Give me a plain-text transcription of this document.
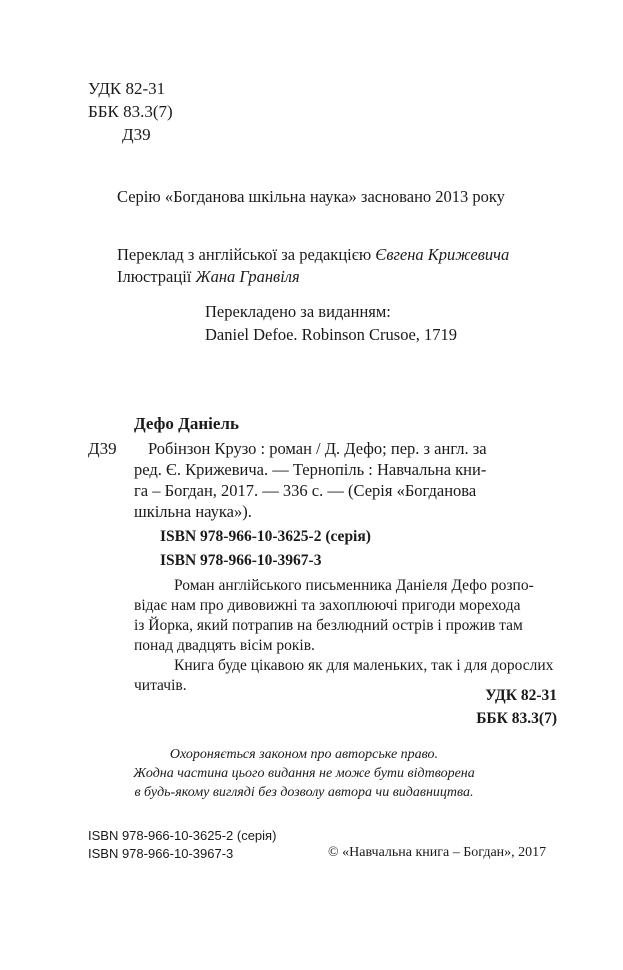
УДК 82-31
ББК 83.3(7)
Д39
Серію «Богданова шкільна наука» засновано 2013 року
Переклад з англійської за редакцією Євгена Крижевича
Ілюстрації Жана Гранвіля
Перекладено за виданням:
Daniel Defoe. Robinson Crusoe, 1719
Дефо Даніель
Д39 Робінзон Крузо : роман / Д. Дефо; пер. з англ. за
ред. Є. Крижевича. — Тернопіль : Навчальна кни-
га – Богдан, 2017. — 336 с. — (Серія «Богданова
шкільна наука»).
ISBN 978-966-10-3625-2 (серія)
ISBN 978-966-10-3967-3
Роман англійського письменника Даніеля Дефо розпо-
відає нам про дивовижні та захоплюючі пригоди мореходa
із Йорка, який потрапив на безлюдний острів і прожив там
понад двадцять вісім років.
Книга буде цікавою як для маленьких, так і для дорослих
читачів.
УДК 82-31
ББК 83.3(7)
Охороняється законом про авторське право.
Жодна частина цього видання не може бути відтворена
в будь-якому вигляді без дозволу автора чи видавництва.
ISBN 978-966-10-3625-2 (серія)
ISBN 978-966-10-3967-3	© «Навчальна книга – Богдан», 2017
